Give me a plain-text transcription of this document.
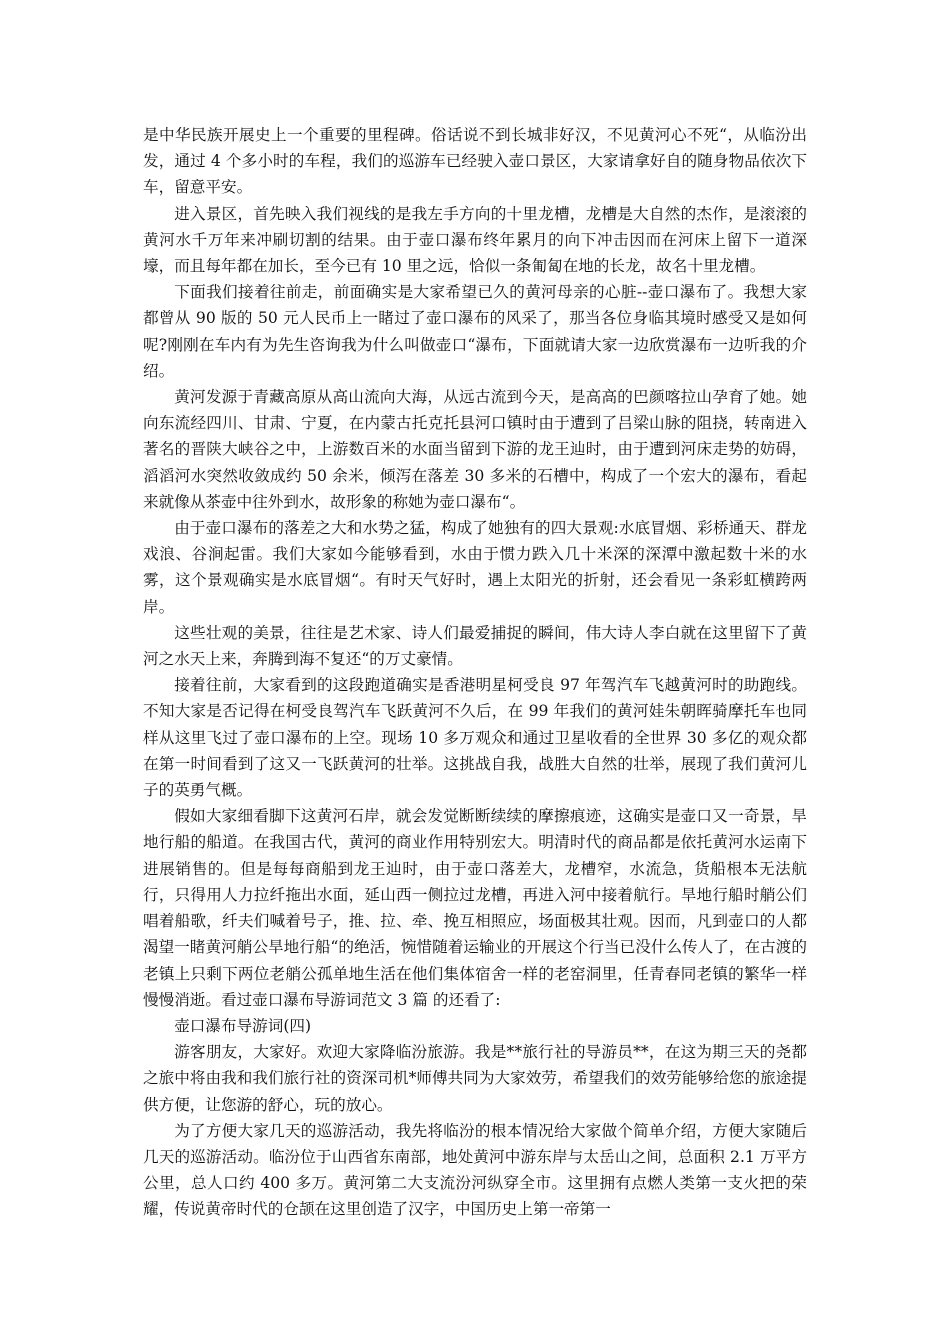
是中华民族开展史上一个重要的里程碑。俗话说不到长城非好汉，不见黄河心不死“，从临汾出发，通过 4 个多小时的车程，我们的巡游车已经驶入壶口景区，大家请拿好自的随身物品依次下车，留意平安。

进入景区，首先映入我们视线的是我左手方向的十里龙槽，龙槽是大自然的杰作，是滚滚的黄河水千万年来冲刷切割的结果。由于壶口瀑布终年累月的向下冲击因而在河床上留下一道深壕，而且每年都在加长，至今已有 10 里之远，恰似一条匍匐在地的长龙，故名十里龙槽。

下面我们接着往前走，前面确实是大家希望已久的黄河母亲的心脏--壶口瀑布了。我想大家都曾从 90 版的 50 元人民币上一睹过了壶口瀑布的风采了，那当各位身临其境时感受又是如何呢?刚刚在车内有为先生咨询我为什么叫做壶口“瀑布，下面就请大家一边欣赏瀑布一边听我的介绍。

黄河发源于青藏高原从高山流向大海，从远古流到今天，是高高的巴颜喀拉山孕育了她。她向东流经四川、甘肃、宁夏，在内蒙古托克托县河口镇时由于遭到了吕梁山脉的阻挠，转南进入著名的晋陕大峡谷之中，上游数百米的水面当留到下游的龙王辿时，由于遭到河床走势的妨碍，滔滔河水突然收敛成约 50 余米，倾泻在落差 30 多米的石槽中，构成了一个宏大的瀑布，看起来就像从茶壶中往外到水，故形象的称她为壶口瀑布“。

由于壶口瀑布的落差之大和水势之猛，构成了她独有的四大景观:水底冒烟、彩桥通天、群龙戏浪、谷涧起雷。我们大家如今能够看到，水由于惯力跌入几十米深的深潭中激起数十米的水雾，这个景观确实是水底冒烟“。有时天气好时，遇上太阳光的折射，还会看见一条彩虹横跨两岸。

这些壮观的美景，往往是艺术家、诗人们最爱捕捉的瞬间，伟大诗人李白就在这里留下了黄河之水天上来，奔腾到海不复还“的万丈豪情。

接着往前，大家看到的这段跑道确实是香港明星柯受良 97 年驾汽车飞越黄河时的助跑线。不知大家是否记得在柯受良驾汽车飞跃黄河不久后，在 99 年我们的黄河娃朱朝晖骑摩托车也同样从这里飞过了壶口瀑布的上空。现场 10 多万观众和通过卫星收看的全世界 30 多亿的观众都在第一时间看到了这又一飞跃黄河的壮举。这挑战自我，战胜大自然的壮举，展现了我们黄河儿子的英勇气概。

假如大家细看脚下这黄河石岸，就会发觉断断续续的摩擦痕迹，这确实是壶口又一奇景，旱地行船的船道。在我国古代，黄河的商业作用特别宏大。明清时代的商品都是依托黄河水运南下进展销售的。但是每每商船到龙王辿时，由于壶口落差大，龙槽窄，水流急，货船根本无法航行，只得用人力拉纤拖出水面，延山西一侧拉过龙槽，再进入河中接着航行。旱地行船时艄公们唱着船歌，纤夫们喊着号子，推、拉、牵、挽互相照应，场面极其壮观。因而，凡到壶口的人都渴望一睹黄河艄公旱地行船“的绝活，惋惜随着运输业的开展这个行当已没什么传人了，在古渡的老镇上只剩下两位老艄公孤单地生活在他们集体宿舍一样的老窑洞里，任青春同老镇的繁华一样慢慢消逝。看过壶口瀑布导游词范文 3 篇 的还看了:

壶口瀑布导游词(四)

游客朋友，大家好。欢迎大家降临汾旅游。我是**旅行社的导游员**，在这为期三天的尧都之旅中将由我和我们旅行社的资深司机*师傅共同为大家效劳，希望我们的效劳能够给您的旅途提供方便，让您游的舒心，玩的放心。

为了方便大家几天的巡游活动，我先将临汾的根本情况给大家做个简单介绍，方便大家随后几天的巡游活动。临汾位于山西省东南部，地处黄河中游东岸与太岳山之间，总面积 2.1 万平方公里，总人口约 400 多万。黄河第二大支流汾河纵穿全市。这里拥有点燃人类第一支火把的荣耀，传说黄帝时代的仓颉在这里创造了汉字，中国历史上第一帝第一
